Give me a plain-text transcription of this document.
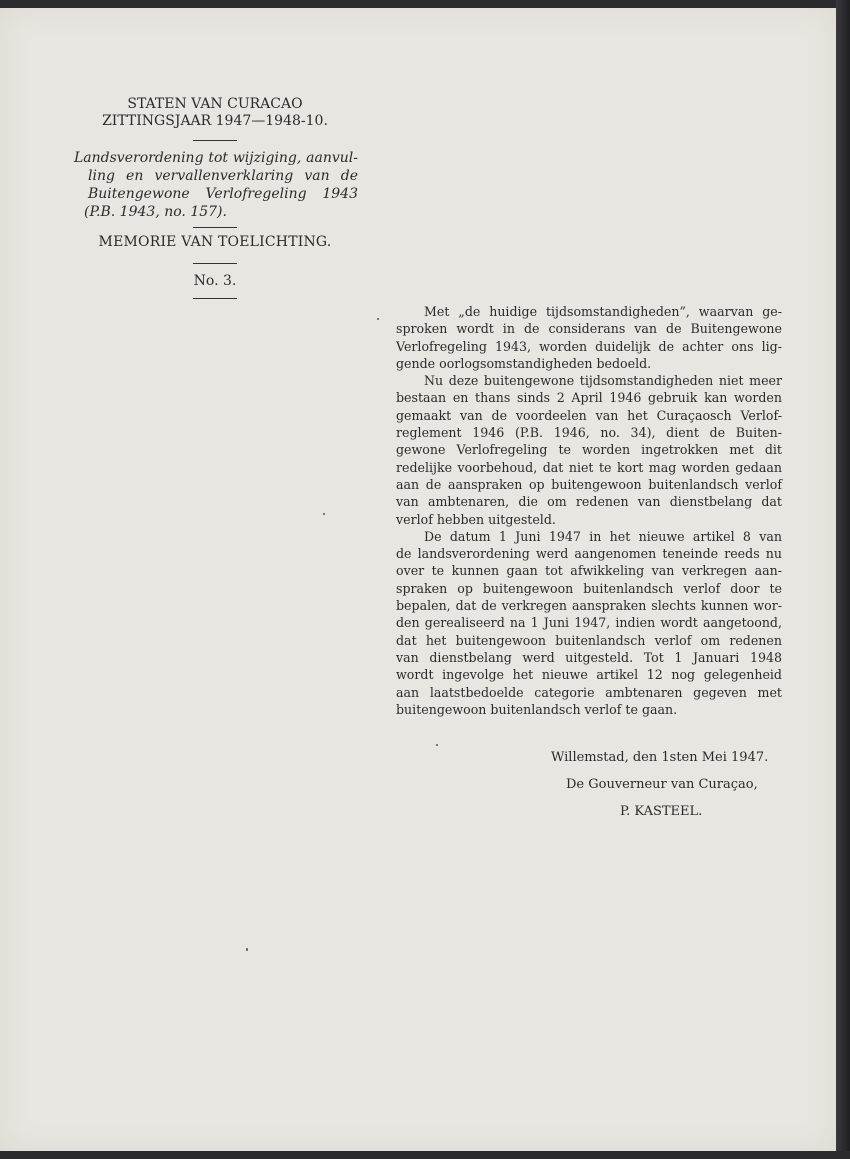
STATEN VAN CURACAO
ZITTINGSJAAR 1947—1948-10.
Landsverordening tot wijziging, aanvul-
ling en vervallenverklaring van de
Buitengewone Verlofregeling 1943
(P.B. 1943, no. 157).
MEMORIE VAN TOELICHTING.
No. 3.
Met „de huidige tijdsomstandigheden”, waarvan ge-
sproken wordt in de considerans van de Buitengewone
Verlofregeling 1943, worden duidelijk de achter ons lig-
gende oorlogsomstandigheden bedoeld.
Nu deze buitengewone tijdsomstandigheden niet meer
bestaan en thans sinds 2 April 1946 gebruik kan worden
gemaakt van de voordeelen van het Curaçaosch Verlof-
reglement 1946 (P.B. 1946, no. 34), dient de Buiten-
gewone Verlofregeling te worden ingetrokken met dit
redelijke voorbehoud, dat niet te kort mag worden gedaan
aan de aanspraken op buitengewoon buitenlandsch verlof
van ambtenaren, die om redenen van dienstbelang dat
verlof hebben uitgesteld.
De datum 1 Juni 1947 in het nieuwe artikel 8 van
de landsverordening werd aangenomen teneinde reeds nu
over te kunnen gaan tot afwikkeling van verkregen aan-
spraken op buitengewoon buitenlandsch verlof door te
bepalen, dat de verkregen aanspraken slechts kunnen wor-
den gerealiseerd na 1 Juni 1947, indien wordt aangetoond,
dat het buitengewoon buitenlandsch verlof om redenen
van dienstbelang werd uitgesteld. Tot 1 Januari 1948
wordt ingevolge het nieuwe artikel 12 nog gelegenheid
aan laatstbedoelde categorie ambtenaren gegeven met
buitengewoon buitenlandsch verlof te gaan.
Willemstad, den 1sten Mei 1947.
De Gouverneur van Curaçao,
P. KASTEEL.
